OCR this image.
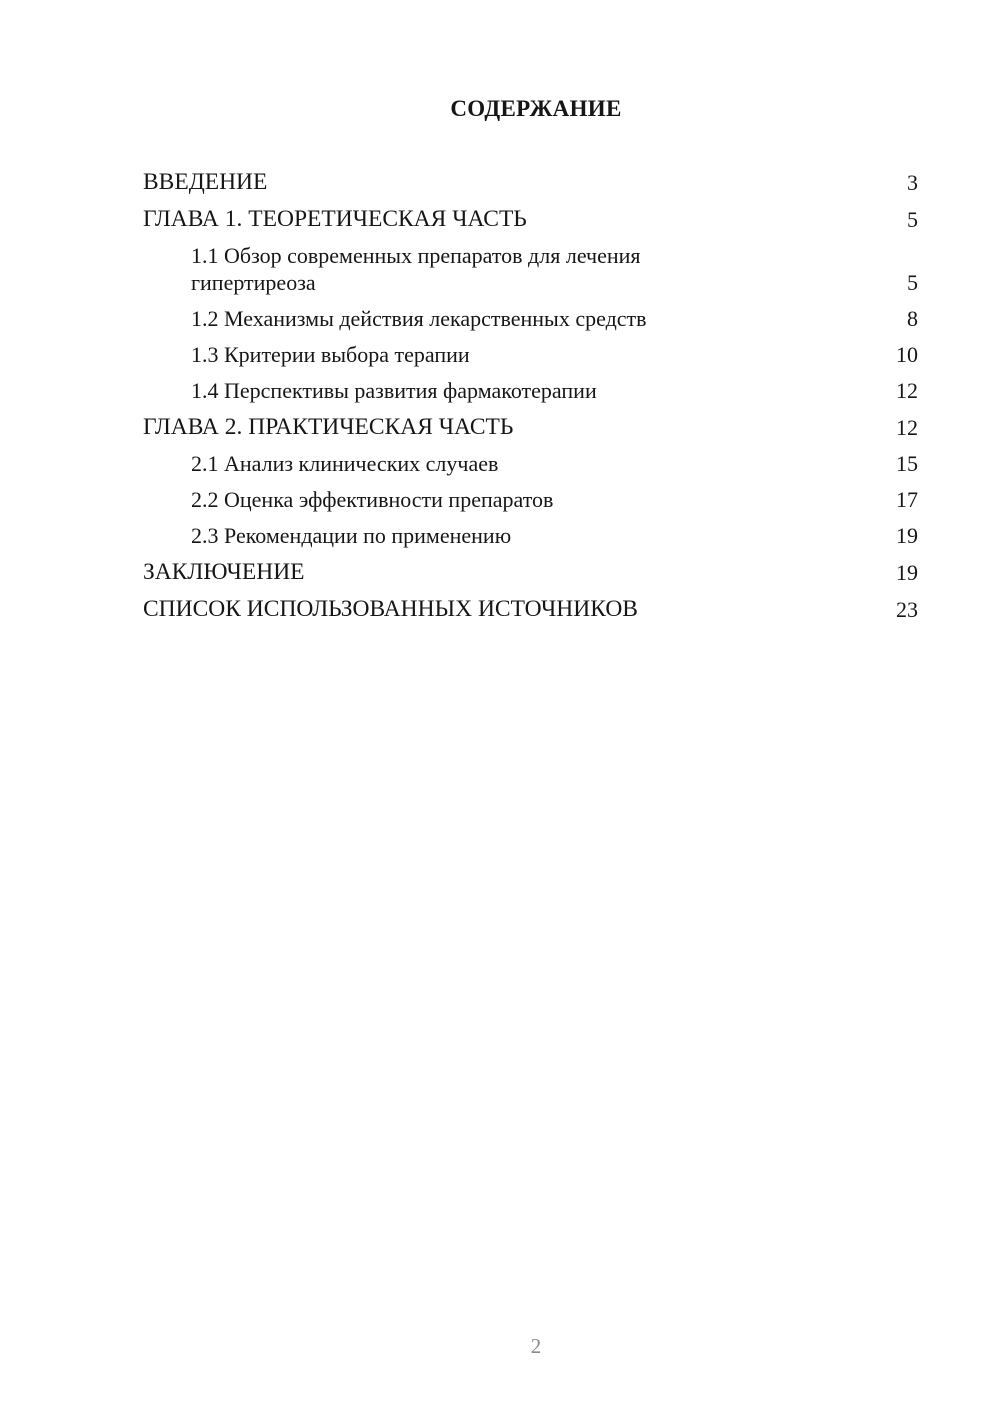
СОДЕРЖАНИЕ
ВВЕДЕНИЕ	3
ГЛАВА 1. ТЕОРЕТИЧЕСКАЯ ЧАСТЬ	5
1.1 Обзор современных препаратов для лечения гипертиреоза	5
1.2 Механизмы действия лекарственных средств	8
1.3 Критерии выбора терапии	10
1.4 Перспективы развития фармакотерапии	12
ГЛАВА 2. ПРАКТИЧЕСКАЯ ЧАСТЬ	12
2.1 Анализ клинических случаев	15
2.2 Оценка эффективности препаратов	17
2.3 Рекомендации по применению	19
ЗАКЛЮЧЕНИЕ	19
СПИСОК ИСПОЛЬЗОВАННЫХ ИСТОЧНИКОВ	23
2
